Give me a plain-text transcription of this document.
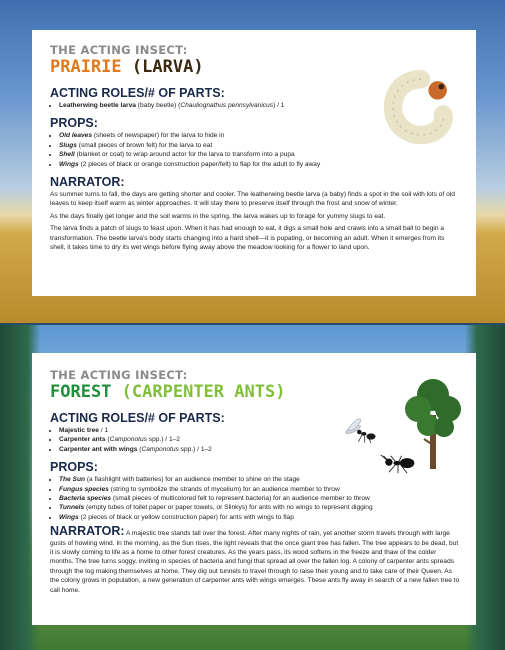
THE ACTING INSECT:
PRAIRIE (LARVA)
ACTING ROLES/# OF PARTS:
• Leatherwing beetle larva (baby beetle) (Chauliognathus pennsylvanicus) / 1
PROPS:
• Old leaves (sheets of newspaper) for the larva to hide in
• Slugs (small pieces of brown felt) for the larva to eat
• Shell (blanket or coat) to wrap around actor for the larva to transform into a pupa
• Wings (2 pieces of black or orange construction paper/felt) to flap for the adult to fly away
NARRATOR:

As summer turns to fall, the days are getting shorter and cooler. The leatherwing beetle larva (a baby) finds a spot in the soil with lots of old leaves to keep itself warm as winter approaches. It will stay there to preserve itself through the frost and snow of winter.

As the days finally get longer and the soil warms in the spring, the larva wakes up to forage for yummy slugs to eat.

The larva finds a patch of slugs to feast upon. When it has had enough to eat, it digs a small hole and crawls into a small ball to begin a transformation. The beetle larva's body starts changing into a hard shell—it is pupating, or becoming an adult. When it emerges from its shell, it takes time to dry its wet wings before flying away above the meadow looking for a flower to land upon.

THE ACTING INSECT:
FOREST (CARPENTER ANTS)
ACTING ROLES/# OF PARTS:
• Majestic tree / 1
• Carpenter ants (Camponotus spp.) / 1–2
• Carpenter ant with wings (Camponotus spp.) / 1–2
PROPS:
• The Sun (a flashlight with batteries) for an audience member to shine on the stage
• Fungus species (string to symbolize the strands of mycelium) for an audience member to throw
• Bacteria species (small pieces of multicolored felt to represent bacteria) for an audience member to throw
• Tunnels (empty tubes of toilet paper or paper towels, or Slinkys) for ants with no wings to represent digging
• Wings (2 pieces of black or yellow construction paper) for ants with wings to flap

NARRATOR: A majestic tree stands tall over the forest. After many nights of rain, yet another storm travels through with large gusts of howling wind. In the morning, as the Sun rises, the light reveals that the once giant tree has fallen. The tree appears to be dead, but it is slowly coming to life as a home to other forest creatures. As the years pass, its wood softens in the freeze and thaw of the colder months. The tree turns soggy, inviting in species of bacteria and fungi that spread all over the fallen log. A colony of carpenter ants spreads through the log making themselves at home. They dig out tunnels to travel through to raise their young and to take care of their Queen. As the colony grows in population, a new generation of carpenter ants with wings emerges. These ants fly away in search of a new fallen tree to call home.
